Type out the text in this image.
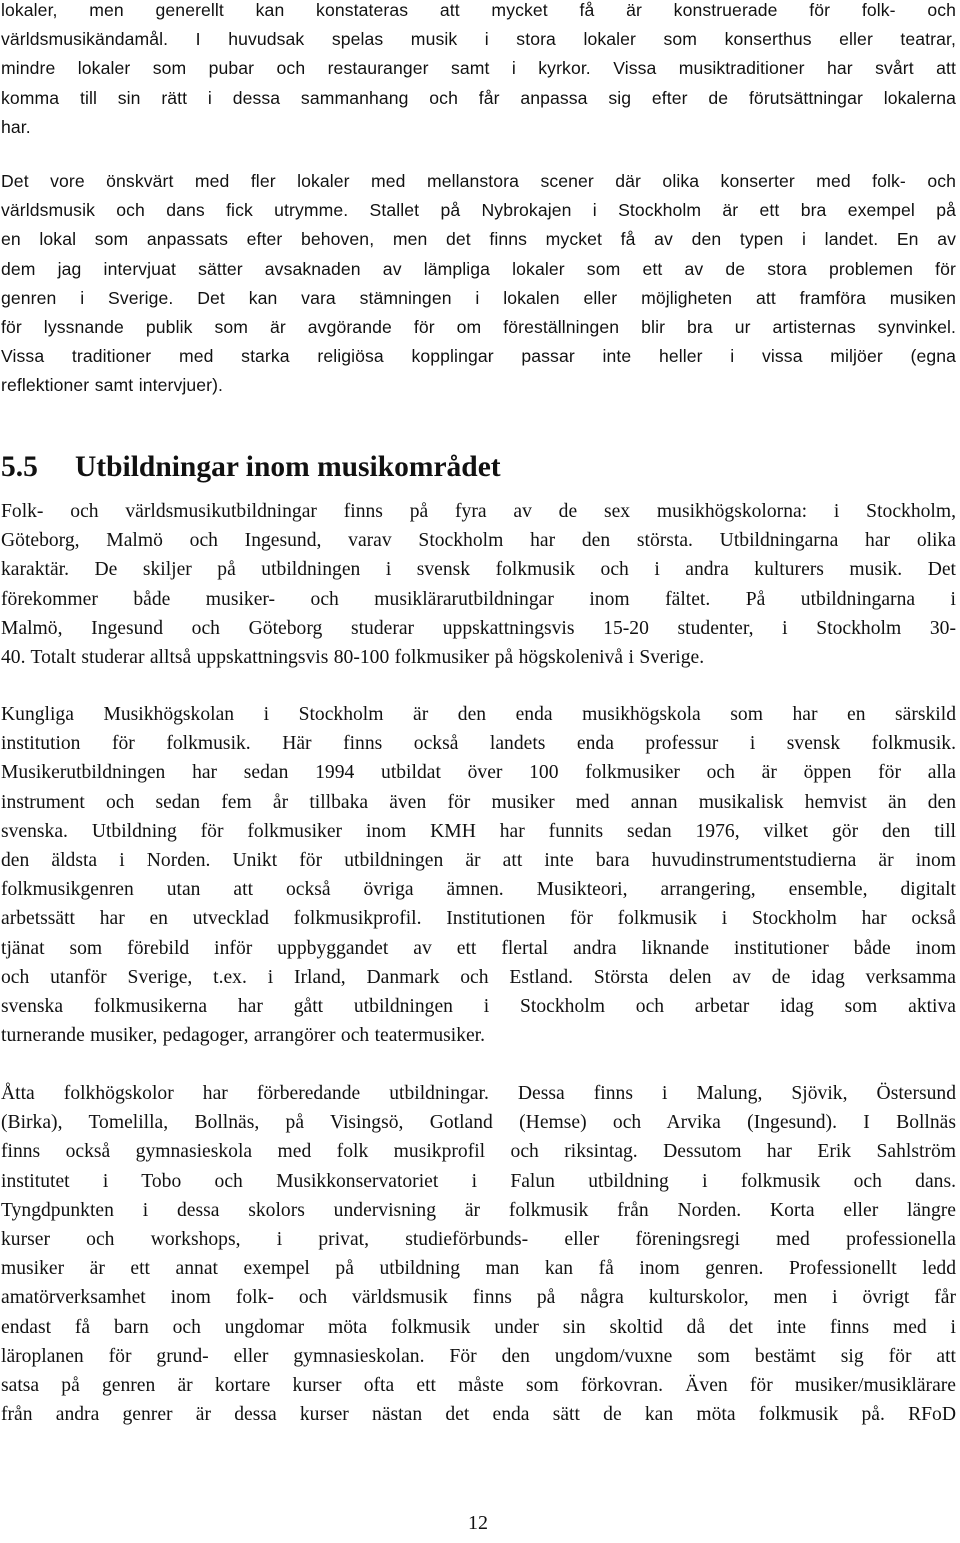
lokaler, men generellt kan konstateras att mycket få är konstruerade för folk- och
världsmusikändamål. I huvudsak spelas musik i stora lokaler som konserthus eller teatrar,
mindre lokaler som pubar och restauranger samt i kyrkor. Vissa musiktraditioner har svårt att
komma till sin rätt i dessa sammanhang och får anpassa sig efter de förutsättningar lokalerna
har.
Det vore önskvärt med fler lokaler med mellanstora scener där olika konserter med folk- och
världsmusik och dans fick utrymme. Stallet på Nybrokajen i Stockholm är ett bra exempel på
en lokal som anpassats efter behoven, men det finns mycket få av den typen i landet. En av
dem jag intervjuat sätter avsaknaden av lämpliga lokaler som ett av de stora problemen för
genren i Sverige. Det kan vara stämningen i lokalen eller möjligheten att framföra musiken
för lyssnande publik som är avgörande för om föreställningen blir bra ur artisternas synvinkel.
Vissa traditioner med starka religiösa kopplingar passar inte heller i vissa miljöer (egna
reflektioner samt intervjuer).
5.5 Utbildningar inom musikområdet
Folk- och världsmusikutbildningar finns på fyra av de sex musikhögskolorna: i Stockholm,
Göteborg, Malmö och Ingesund, varav Stockholm har den största. Utbildningarna har olika
karaktär. De skiljer på utbildningen i svensk folkmusik och i andra kulturers musik. Det
förekommer både musiker- och musiklärarutbildningar inom fältet. På utbildningarna i
Malmö, Ingesund och Göteborg studerar uppskattningsvis 15-20 studenter, i Stockholm 30-
40. Totalt studerar alltså uppskattningsvis 80-100 folkmusiker på högskolenivå i Sverige.
Kungliga Musikhögskolan i Stockholm är den enda musikhögskola som har en särskild
institution för folkmusik. Här finns också landets enda professur i svensk folkmusik.
Musikerutbildningen har sedan 1994 utbildat över 100 folkmusiker och är öppen för alla
instrument och sedan fem år tillbaka även för musiker med annan musikalisk hemvist än den
svenska. Utbildning för folkmusiker inom KMH har funnits sedan 1976, vilket gör den till
den äldsta i Norden. Unikt för utbildningen är att inte bara huvudinstrumentstudierna är inom
folkmusikgenren utan att också övriga ämnen. Musikteori, arrangering, ensemble, digitalt
arbetssätt har en utvecklad folkmusikprofil. Institutionen för folkmusik i Stockholm har också
tjänat som förebild inför uppbyggandet av ett flertal andra liknande institutioner både inom
och utanför Sverige, t.ex. i Irland, Danmark och Estland. Största delen av de idag verksamma
svenska folkmusikerna har gått utbildningen i Stockholm och arbetar idag som aktiva
turnerande musiker, pedagoger, arrangörer och teatermusiker.
Åtta folkhögskolor har förberedande utbildningar. Dessa finns i Malung, Sjövik, Östersund
(Birka), Tomelilla, Bollnäs, på Visingsö, Gotland (Hemse) och Arvika (Ingesund). I Bollnäs
finns också gymnasieskola med folk musikprofil och riksintag. Dessutom har Erik Sahlström
institutet i Tobo och Musikkonservatoriet i Falun utbildning i folkmusik och dans.
Tyngdpunkten i dessa skolors undervisning är folkmusik från Norden. Korta eller längre
kurser och workshops, i privat, studieförbunds- eller föreningsregi med professionella
musiker är ett annat exempel på utbildning man kan få inom genren. Professionellt ledd
amatörverksamhet inom folk- och världsmusik finns på några kulturskolor, men i övrigt får
endast få barn och ungdomar möta folkmusik under sin skoltid då det inte finns med i
läroplanen för grund- eller gymnasieskolan. För den ungdom/vuxne som bestämt sig för att
satsa på genren är kortare kurser ofta ett måste som förkovran. Även för musiker/musiklärare
från andra genrer är dessa kurser nästan det enda sätt de kan möta folkmusik på. RFoD
12
